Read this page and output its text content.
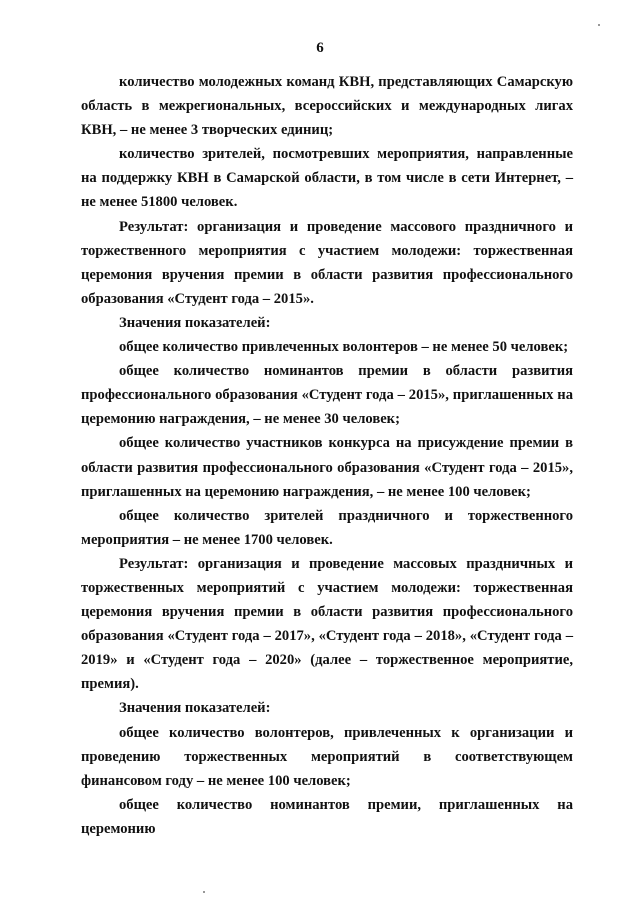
6

количество молодежных команд КВН, представляющих Самарскую область в межрегиональных, всероссийских и международных лигах КВН, – не менее 3 творческих единиц;

количество зрителей, посмотревших мероприятия, направленные на поддержку КВН в Самарской области, в том числе в сети Интернет, – не менее 51800 человек.

Результат: организация и проведение массового праздничного и торжественного мероприятия с участием молодежи: торжественная церемония вручения премии в области развития профессионального образования «Студент года – 2015».

Значения показателей:

общее количество привлеченных волонтеров – не менее 50 человек;

общее количество номинантов премии в области развития профессионального образования «Студент года – 2015», приглашенных на церемонию награждения, – не менее 30 человек;

общее количество участников конкурса на присуждение премии в области развития профессионального образования «Студент года – 2015», приглашенных на церемонию награждения, – не менее 100 человек;

общее количество зрителей праздничного и торжественного мероприятия – не менее 1700 человек.

Результат: организация и проведение массовых праздничных и торжественных мероприятий с участием молодежи: торжественная церемония вручения премии в области развития профессионального образования «Студент года – 2017», «Студент года – 2018», «Студент года – 2019» и «Студент года – 2020» (далее – торжественное мероприятие, премия).

Значения показателей:

общее количество волонтеров, привлеченных к организации и проведению торжественных мероприятий в соответствующем финансовом году – не менее 100 человек;

общее количество номинантов премии, приглашенных на церемонию
